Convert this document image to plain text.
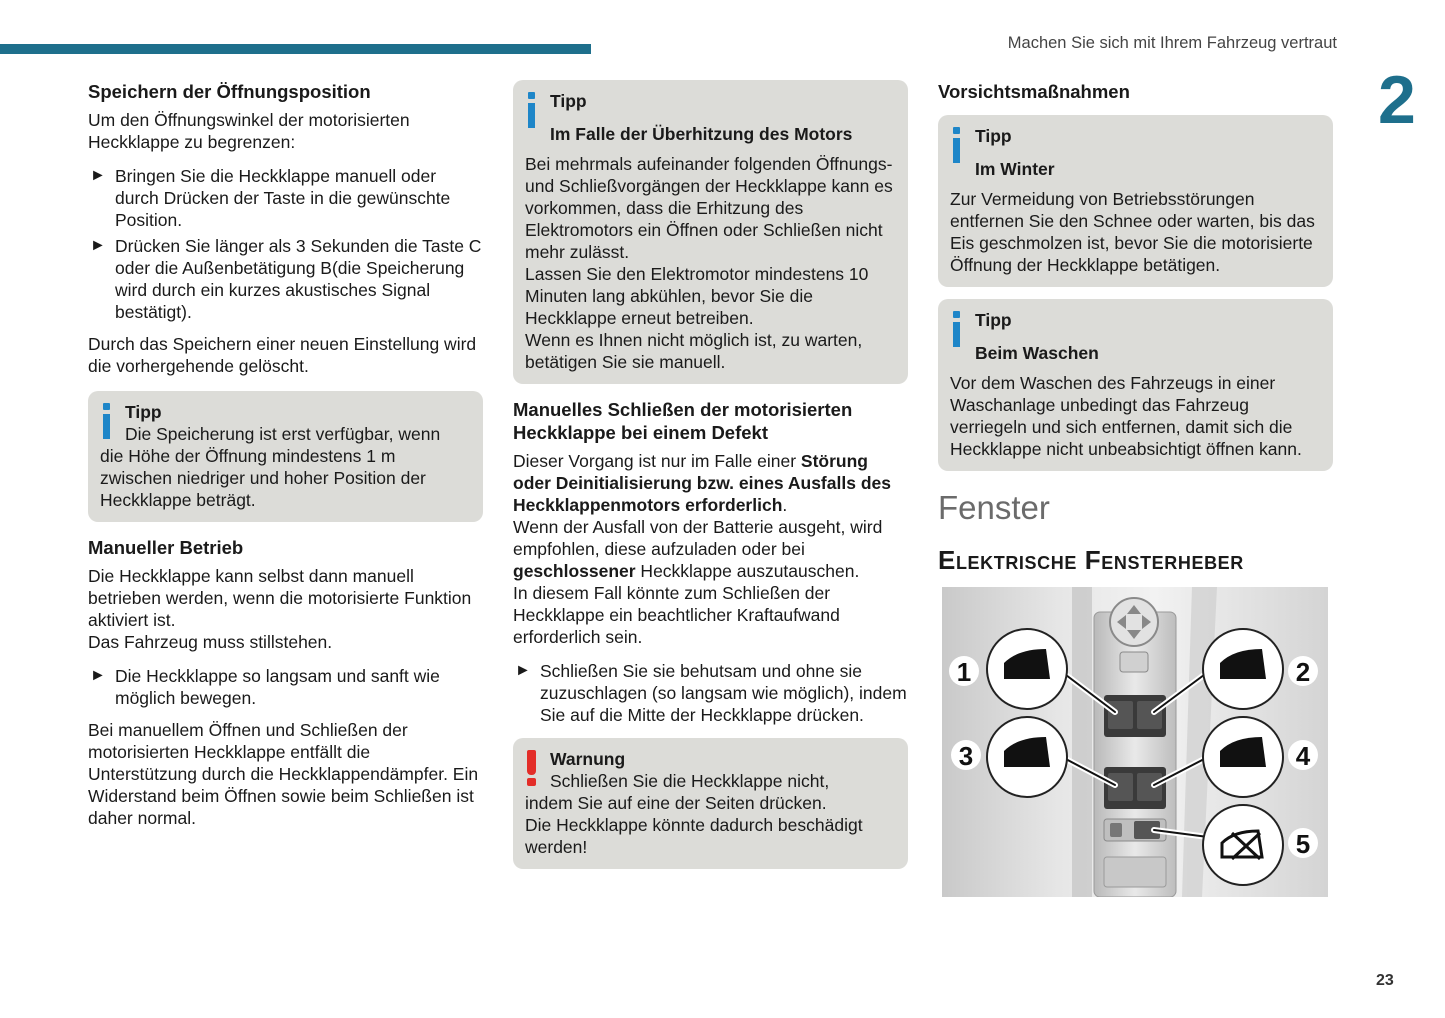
Machen Sie sich mit Ihrem Fahrzeug vertraut
2
23
Speichern der Öffnungsposition

Um den Öffnungswinkel der motorisierten Heckklappe zu begrenzen:

► Bringen Sie die Heckklappe manuell oder durch Drücken der Taste in die gewünschte Position.
► Drücken Sie länger als 3 Sekunden die Taste C oder die Außenbetätigung B(die Speicherung wird durch ein kurzes akustisches Signal bestätigt).

Durch das Speichern einer neuen Einstellung wird die vorhergehende gelöscht.

Tipp
Die Speicherung ist erst verfügbar, wenn
die Höhe der Öffnung mindestens 1 m zwischen niedriger und hoher Position der Heckklappe beträgt.
Manueller Betrieb

Die Heckklappe kann selbst dann manuell betrieben werden, wenn die motorisierte Funktion aktiviert ist.

Das Fahrzeug muss stillstehen.

► Die Heckklappe so langsam und sanft wie möglich bewegen.

Bei manuellem Öffnen und Schließen der motorisierten Heckklappe entfällt die Unterstützung durch die Heckklappendämpfer. Ein Widerstand beim Öffnen sowie beim Schließen ist daher normal.

Tipp
Im Falle der Überhitzung des Motors

Bei mehrmals aufeinander folgenden Öffnungs- und Schließvorgängen der Heckklappe kann es vorkommen, dass die Erhitzung des Elektromotors ein Öffnen oder Schließen nicht mehr zulässt.

Lassen Sie den Elektromotor mindestens 10 Minuten lang abkühlen, bevor Sie die Heckklappe erneut betreiben.

Wenn es Ihnen nicht möglich ist, zu warten, betätigen Sie sie manuell.

Manuelles Schließen der motorisierten Heckklappe bei einem Defekt

Dieser Vorgang ist nur im Falle einer Störung oder Deinitialisierung bzw. eines Ausfalls des Heckklappenmotors erforderlich.

Wenn der Ausfall von der Batterie ausgeht, wird empfohlen, diese aufzuladen oder bei geschlossener Heckklappe auszutauschen.

In diesem Fall könnte zum Schließen der Heckklappe ein beachtlicher Kraftaufwand erforderlich sein.

► Schließen Sie sie behutsam und ohne sie zuzuschlagen (so langsam wie möglich), indem Sie auf die Mitte der Heckklappe drücken.
Warnung
Schließen Sie die Heckklappe nicht,
indem Sie auf eine der Seiten drücken.
Die Heckklappe könnte dadurch beschädigt werden!
Vorsichtsmaßnahmen
Tipp
Im Winter

Zur Vermeidung von Betriebsstörungen entfernen Sie den Schnee oder warten, bis das Eis geschmolzen ist, bevor Sie die motorisierte Öffnung der Heckklappe betätigen.

Tipp
Beim Waschen

Vor dem Waschen des Fahrzeugs in einer Waschanlage unbedingt das Fahrzeug verriegeln und sich entfernen, damit sich die Heckklappe nicht unbeabsichtigt öffnen kann.

Fenster
Elektrische Fensterheber
1	2
3	4
5
